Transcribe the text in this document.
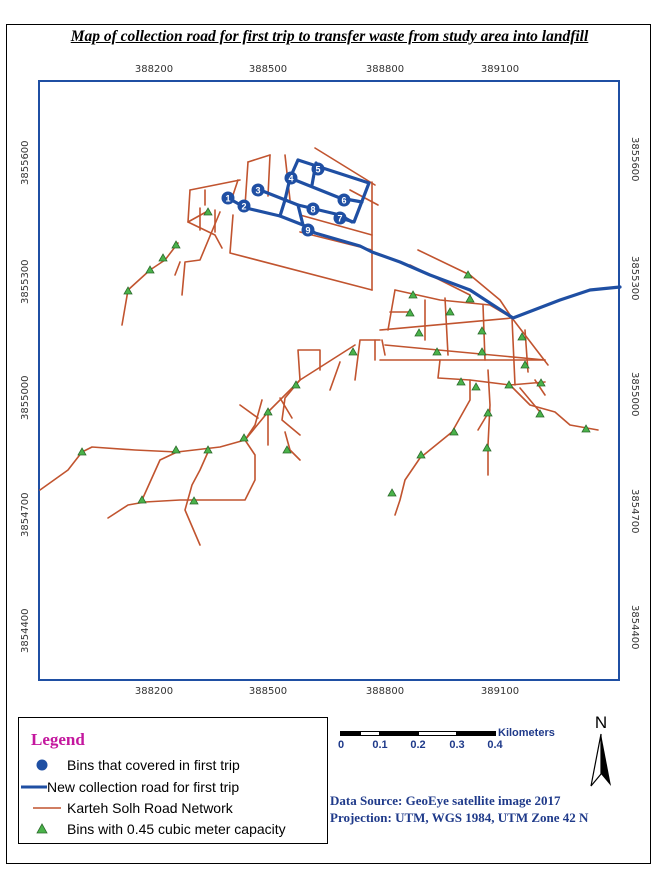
Map of collection road for first trip to transfer waste from study area into landfill
388200	388500	388800	389100
388200	388500	388800	389100
3855600
3855300
3855000
3854700
3854400
3855600
3855300
3855000
3854700
3854400
1
2
3
4
5
6
7
8
9
Legend
Bins that covered in first trip
New collection road for first trip
Karteh Solh Road Network
Bins with 0.45 cubic meter capacity
0	0.1 0.2 0.3 0.4
Kilometers
N
Data Source: GeoEye satellite image 2017
Projection: UTM, WGS 1984, UTM Zone 42 N
